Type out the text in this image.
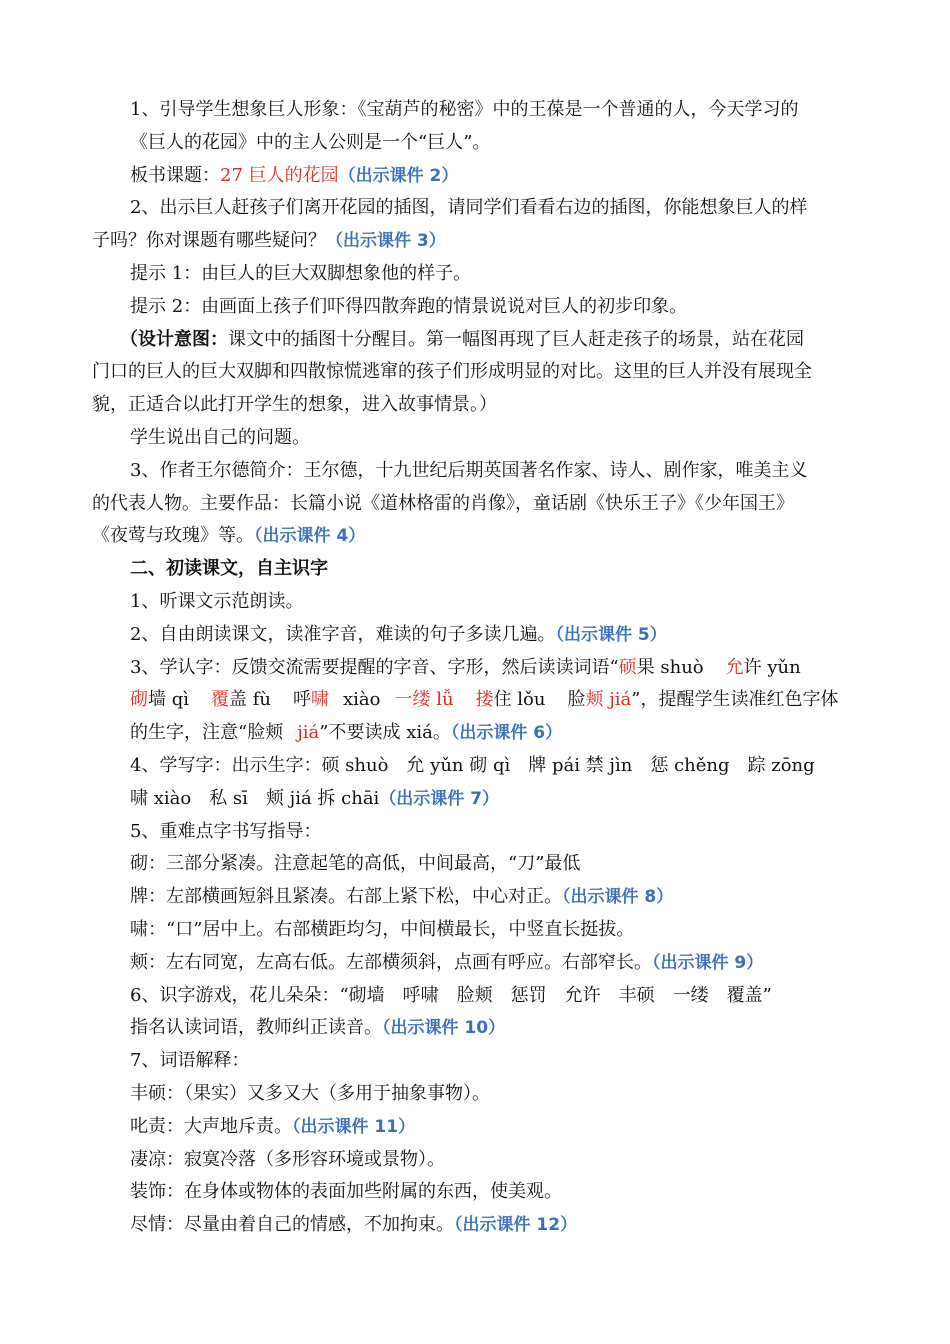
1、引导学生想象巨人形象：《宝葫芦的秘密》中的王葆是一个普通的人，今天学习的
《巨人的花园》中的主人公则是一个“巨人”。
板书课题：27 巨人的花园（出示课件 2）
2、出示巨人赶孩子们离开花园的插图，请同学们看看右边的插图，你能想象巨人的样
子吗？你对课题有哪些疑问？（出示课件 3）
提示 1：由巨人的巨大双脚想象他的样子。
提示 2：由画面上孩子们吓得四散奔跑的情景说说对巨人的初步印象。
（设计意图：课文中的插图十分醒目。第一幅图再现了巨人赶走孩子的场景，站在花园
门口的巨人的巨大双脚和四散惊慌逃窜的孩子们形成明显的对比。这里的巨人并没有展现全
貌，正适合以此打开学生的想象，进入故事情景。）
学生说出自己的问题。
3、作者王尔德简介：王尔德，十九世纪后期英国著名作家、诗人、剧作家，唯美主义
的代表人物。主要作品：长篇小说《道林格雷的肖像》，童话剧《快乐王子》《少年国王》
《夜莺与玫瑰》等。（出示课件 4）
二、初读课文，自主识字
1、听课文示范朗读。
2、自由朗读课文，读准字音，难读的句子多读几遍。（出示课件 5）
3、学认字：反馈交流需要提醒的字音、字形，然后读读词语“硕果 shuò 允许 yǔn
砌墙 qì 覆盖 fù 呼啸 xiào 一缕 lǚ 搂住 lǒu 脸颊 jiá”，提醒学生读准红色字体
的生字，注意“脸颊 jiá”不要读成 xiá。（出示课件 6）
4、学写字：出示生字：硕 shuò　允 yǔn 砌 qì　牌 pái 禁 jìn　惩 chěng　踪 zōng
啸 xiào　私 sī　颊 jiá 拆 chāi（出示课件 7）
5、重难点字书写指导：
砌：三部分紧凑。注意起笔的高低，中间最高，“刀”最低
牌：左部横画短斜且紧凑。右部上紧下松，中心对正。（出示课件 8）
啸：“口”居中上。右部横距均匀，中间横最长，中竖直长挺拔。
颊：左右同宽，左高右低。左部横须斜，点画有呼应。右部窄长。（出示课件 9）
6、识字游戏，花儿朵朵：“砌墙　呼啸　脸颊　惩罚　允许　丰硕　一缕　覆盖”
指名认读词语，教师纠正读音。（出示课件 10）
7、词语解释：
丰硕：（果实）又多又大（多用于抽象事物）。
叱责：大声地斥责。（出示课件 11）
凄凉：寂寞冷落（多形容环境或景物）。
装饰：在身体或物体的表面加些附属的东西，使美观。
尽情：尽量由着自己的情感，不加拘束。（出示课件 12）
